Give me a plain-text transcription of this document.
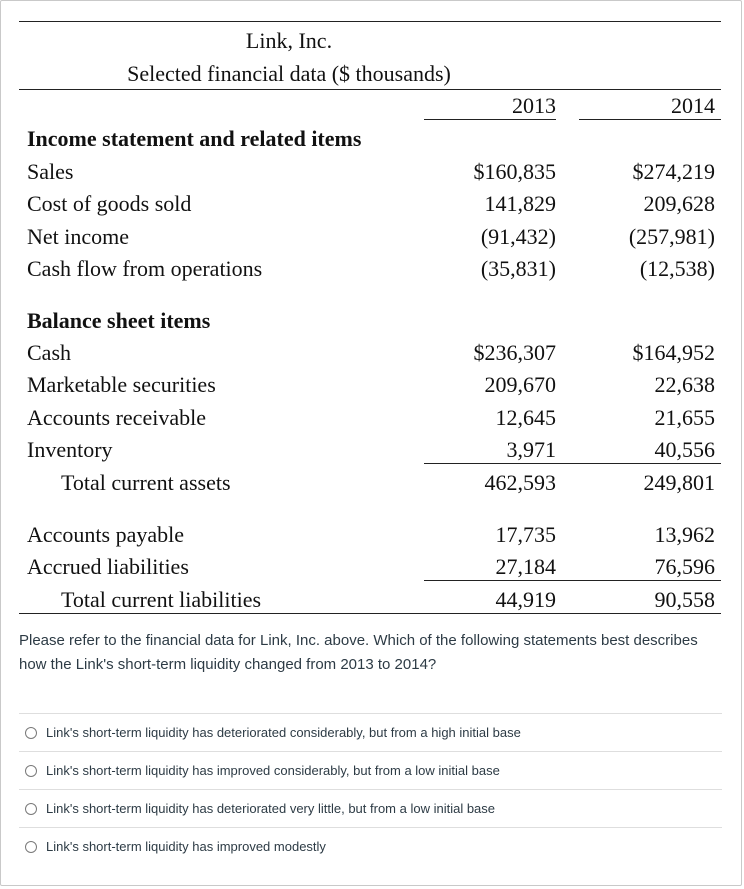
Link, Inc.
Selected financial data ($ thousands)
2013	2014
Income statement and related items
Sales	$160,835	$274,219
Cost of goods sold	141,829	209,628
Net income	(91,432)	(257,981)
Cash flow from operations	(35,831)	(12,538)
Balance sheet items
Cash	$236,307	$164,952
Marketable securities	209,670	22,638
Accounts receivable	12,645	21,655
Inventory	3,971	40,556
Total current assets	462,593	249,801
Accounts payable	17,735	13,962
Accrued liabilities	27,184	76,596
Total current liabilities	44,919	90,558
Please refer to the financial data for Link, Inc. above. Which of the following statements best describes how the Link's short-term liquidity changed from 2013 to 2014?
Link's short-term liquidity has deteriorated considerably, but from a high initial base
Link's short-term liquidity has improved considerably, but from a low initial base
Link's short-term liquidity has deteriorated very little, but from a low initial base
Link's short-term liquidity has improved modestly
